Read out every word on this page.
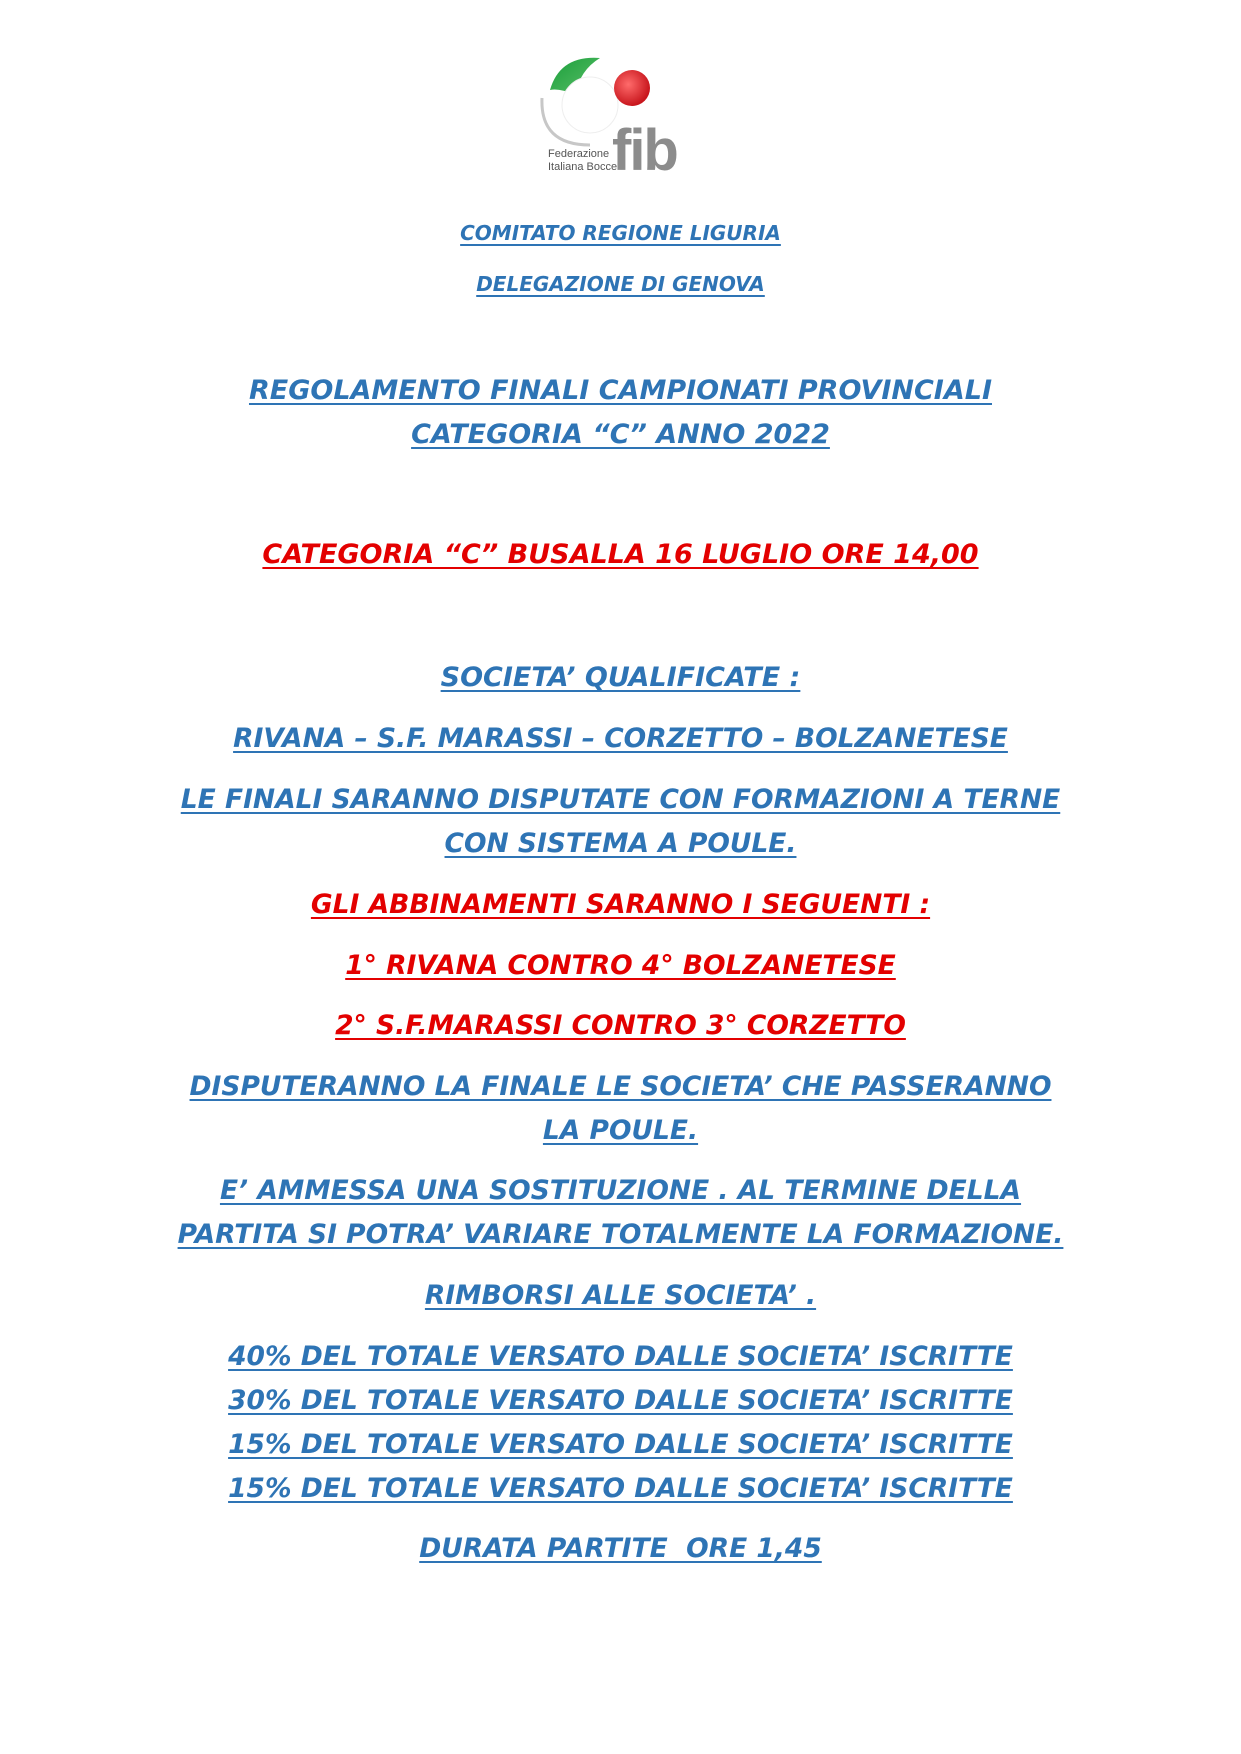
fib
Federazione
Italiana Bocce

COMITATO REGIONE LIGURIA

DELEGAZIONE DI GENOVA

REGOLAMENTO FINALI CAMPIONATI PROVINCIALI

CATEGORIA “C” ANNO 2022

CATEGORIA “C” BUSALLA 16 LUGLIO ORE 14,00

SOCIETA’ QUALIFICATE :

RIVANA – S.F. MARASSI – CORZETTO – BOLZANETESE

LE FINALI SARANNO DISPUTATE CON FORMAZIONI A TERNE

CON SISTEMA A POULE.

GLI ABBINAMENTI SARANNO I SEGUENTI :

1° RIVANA CONTRO 4° BOLZANETESE

2° S.F.MARASSI CONTRO 3° CORZETTO

DISPUTERANNO LA FINALE LE SOCIETA’ CHE PASSERANNO

LA POULE.

E’ AMMESSA UNA SOSTITUZIONE . AL TERMINE DELLA

PARTITA SI POTRA’ VARIARE TOTALMENTE LA FORMAZIONE.

RIMBORSI ALLE SOCIETA’ .

40% DEL TOTALE VERSATO DALLE SOCIETA’ ISCRITTE

30% DEL TOTALE VERSATO DALLE SOCIETA’ ISCRITTE

15% DEL TOTALE VERSATO DALLE SOCIETA’ ISCRITTE

15% DEL TOTALE VERSATO DALLE SOCIETA’ ISCRITTE

DURATA PARTITE  ORE 1,45
